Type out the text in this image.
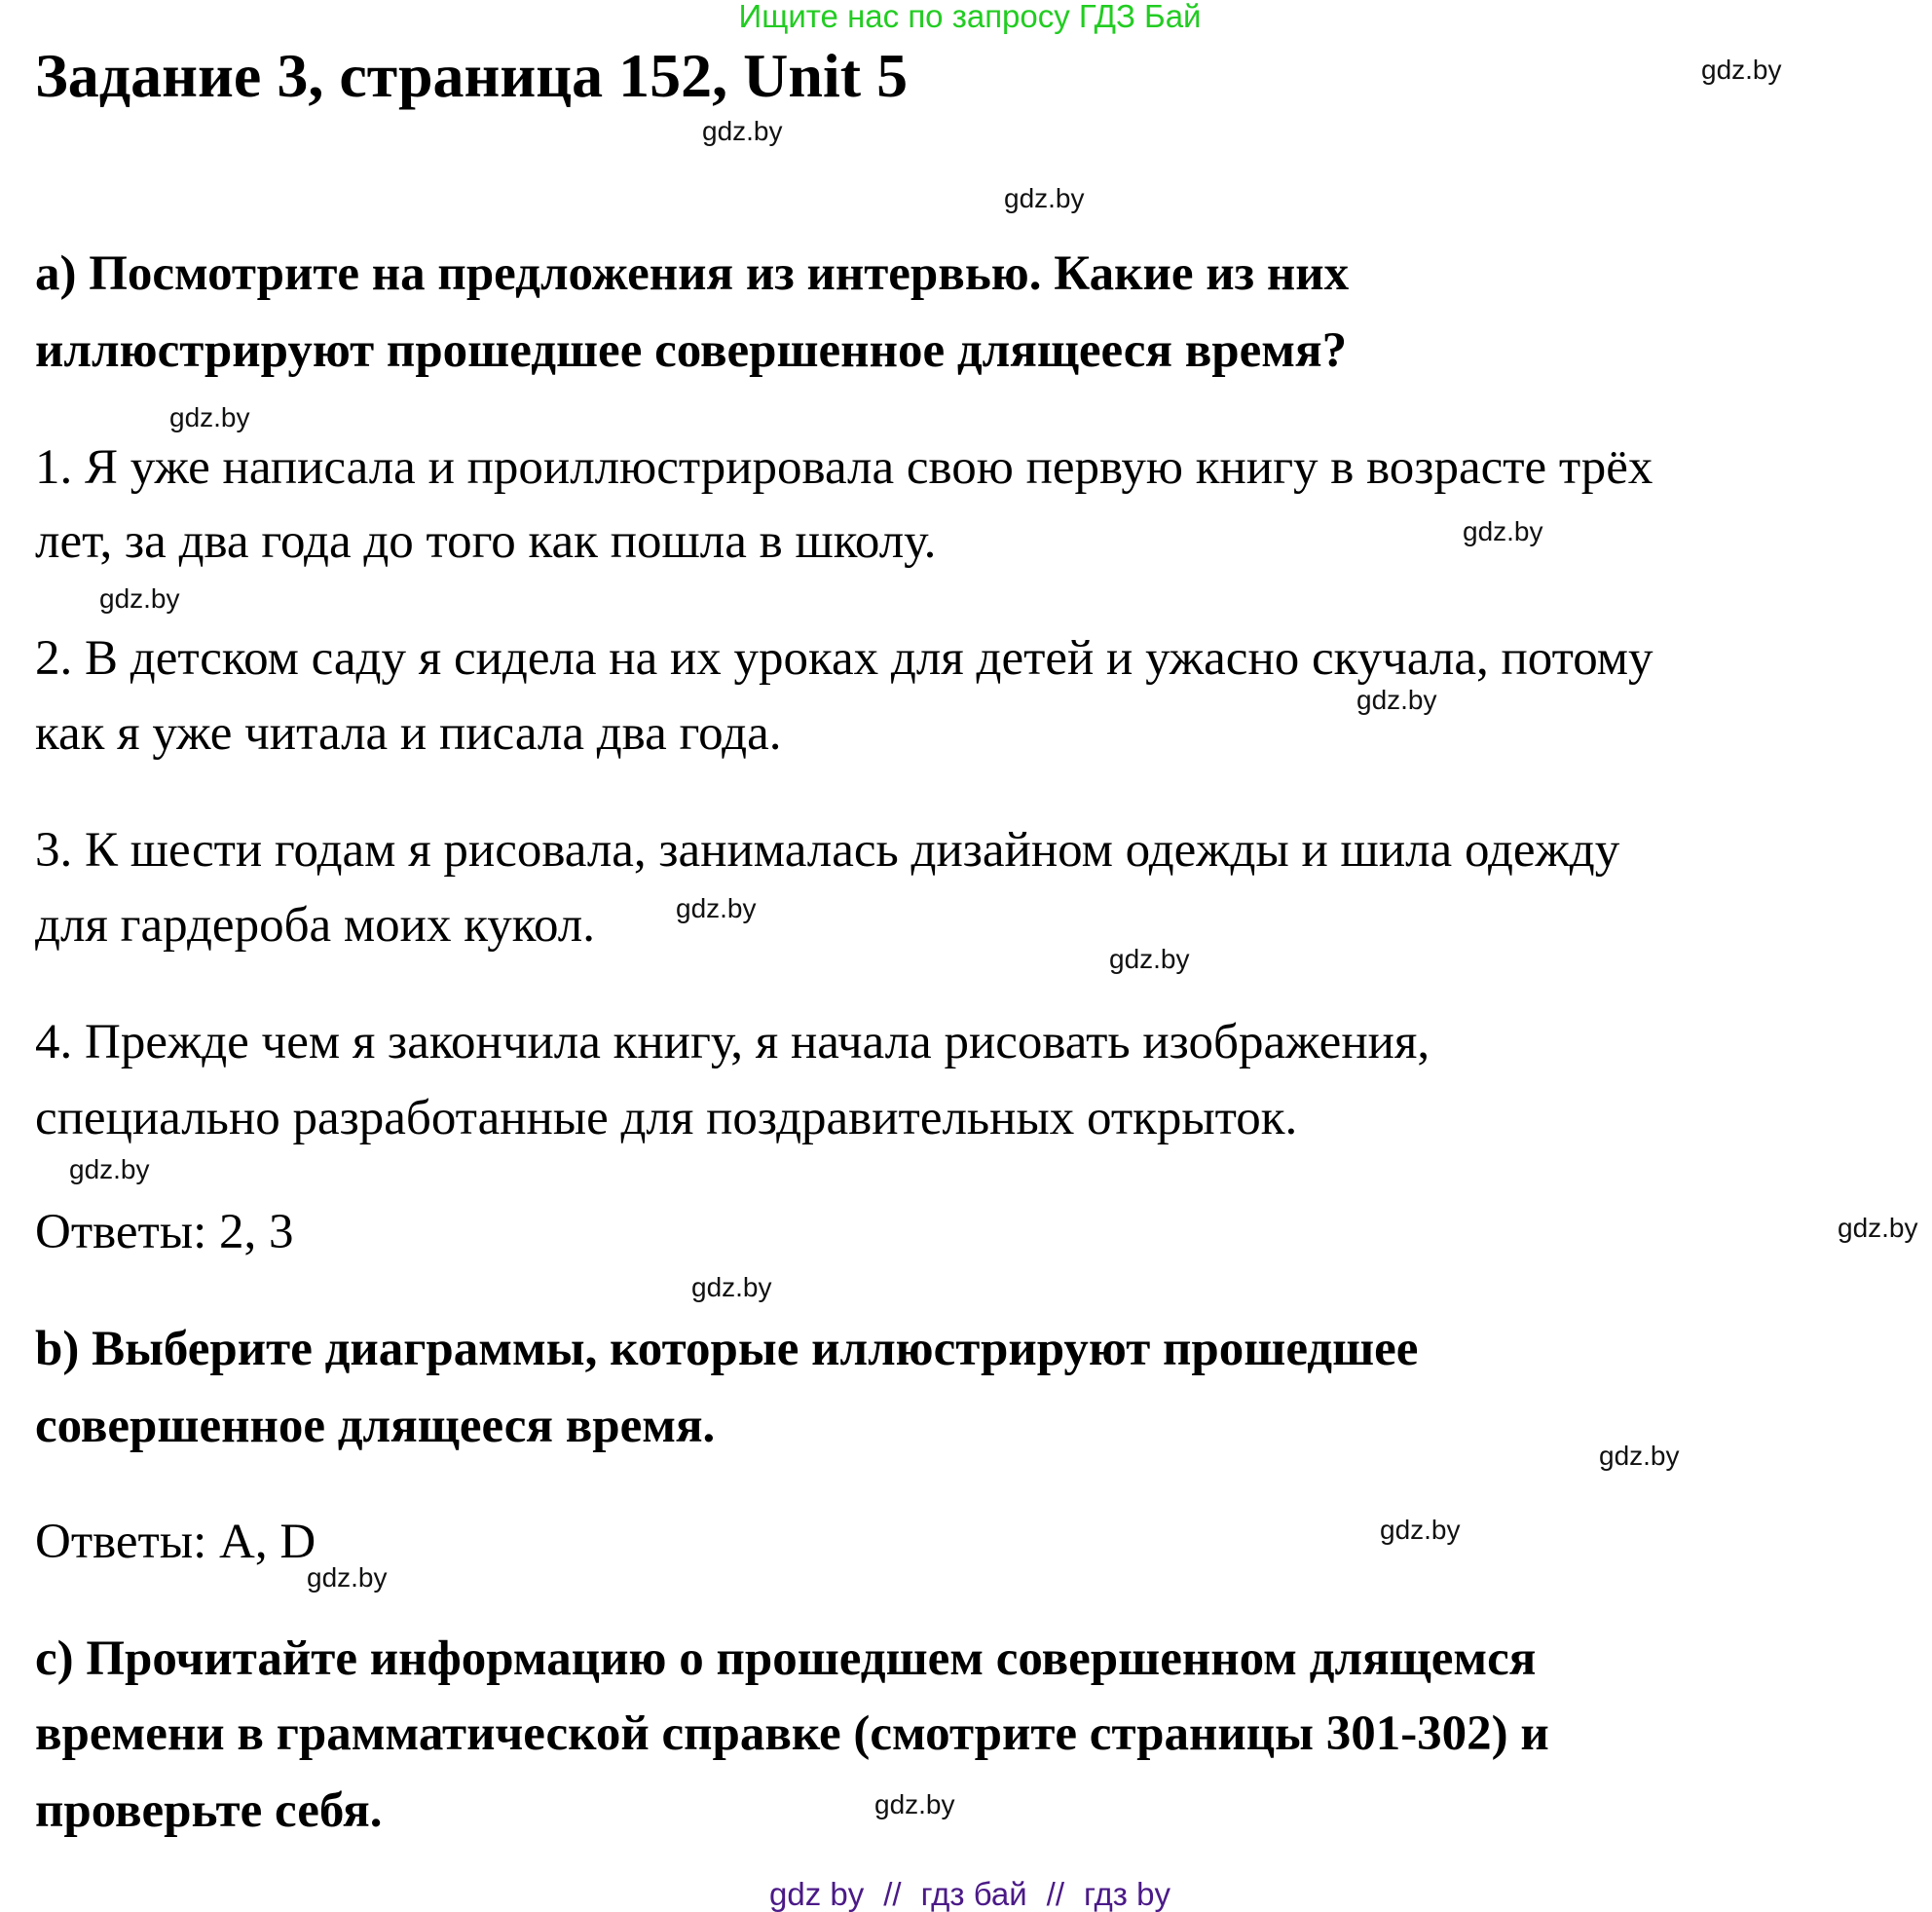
Ищите нас по запросу ГДЗ Бай
Задание 3, страница 152, Unit 5
a) Посмотрите на предложения из интервью. Какие из них
иллюстрируют прошедшее совершенное длящееся время?
1. Я уже написала и проиллюстрировала свою первую книгу в возрасте трёх
лет, за два года до того как пошла в школу.
2. В детском саду я сидела на их уроках для детей и ужасно скучала, потому
как я уже читала и писала два года.
3. К шести годам я рисовала, занималась дизайном одежды и шила одежду
для гардероба моих кукол.
4. Прежде чем я закончила книгу, я начала рисовать изображения,
специально разработанные для поздравительных открыток.
Ответы: 2, 3
b) Выберите диаграммы, которые иллюстрируют прошедшее
совершенное длящееся время.
Ответы: A, D
c) Прочитайте информацию о прошедшем совершенном длящемся
времени в грамматической справке (смотрите страницы 301-302) и
проверьте себя.
gdz.by
gdz.by
gdz.by
gdz.by
gdz.by
gdz.by
gdz.by
gdz.by
gdz.by
gdz.by
gdz.by
gdz.by
gdz.by
gdz.by
gdz.by
gdz.by
gdz by // гдз бай // гдз by
